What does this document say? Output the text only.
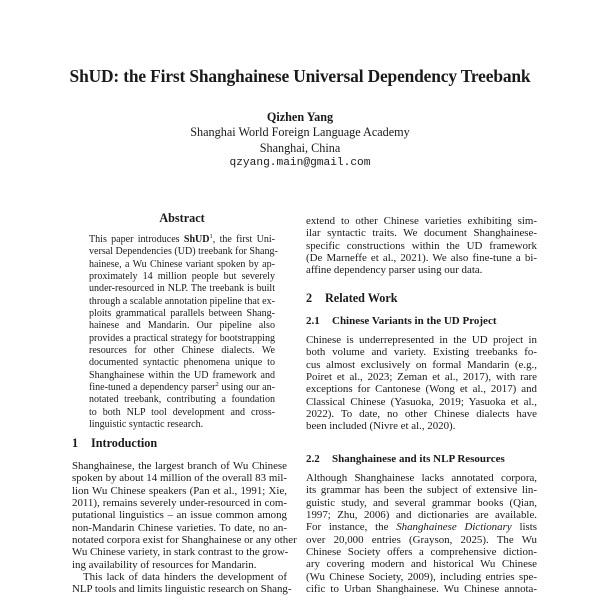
ShUD: the First Shanghainese Universal Dependency Treebank
Qizhen Yang
Shanghai World Foreign Language Academy
Shanghai, China
qzyang.main@gmail.com
Abstract
This paper introduces ShUD$^1$, the first Uni-
versal Dependencies (UD) treebank for Shang-
hainese, a Wu Chinese variant spoken by ap-
proximately 14 million people but severely
under-resourced in NLP. The treebank is built
through a scalable annotation pipeline that ex-
ploits grammatical parallels between Shang-
hainese and Mandarin. Our pipeline also
provides a practical strategy for bootstrapping
resources for other Chinese dialects. We
documented syntactic phenomena unique to
Shanghainese within the UD framework and
fine-tuned a dependency parser$^2$ using our an-
notated treebank, contributing a foundation
to both NLP tool development and cross-
linguistic syntactic research.
1 Introduction
Shanghainese, the largest branch of Wu Chinese
spoken by about 14 million of the overall 83 mil-
lion Wu Chinese speakers (Pan et al., 1991; Xie,
2011), remains severely under-resourced in com-
putational linguistics – an issue common among
non-Mandarin Chinese varieties. To date, no an-
notated corpora exist for Shanghainese or any other
Wu Chinese variety, in stark contrast to the grow-
ing availability of resources for Mandarin.
This lack of data hinders the development of
NLP tools and limits linguistic research on Shang-
extend to other Chinese varieties exhibiting sim-
ilar syntactic traits. We document Shanghainese-
specific constructions within the UD framework
(De Marneffe et al., 2021). We also fine-tune a bi-
affine dependency parser using our data.
2 Related Work
2.1 Chinese Variants in the UD Project
Chinese is underrepresented in the UD project in
both volume and variety. Existing treebanks fo-
cus almost exclusively on formal Mandarin (e.g.,
Poiret et al., 2023; Zeman et al., 2017), with rare
exceptions for Cantonese (Wong et al., 2017) and
Classical Chinese (Yasuoka, 2019; Yasuoka et al.,
2022). To date, no other Chinese dialects have
been included (Nivre et al., 2020).
2.2 Shanghainese and its NLP Resources
Although Shanghainese lacks annotated corpora,
its grammar has been the subject of extensive lin-
guistic study, and several grammar books (Qian,
1997; Zhu, 2006) and dictionaries are available.
For instance, the Shanghainese Dictionary lists
over 20,000 entries (Grayson, 2025). The Wu
Chinese Society offers a comprehensive diction-
ary covering modern and historical Wu Chinese
(Wu Chinese Society, 2009), including entries spe-
cific to Urban Shanghainese. Wu Chinese annota-
